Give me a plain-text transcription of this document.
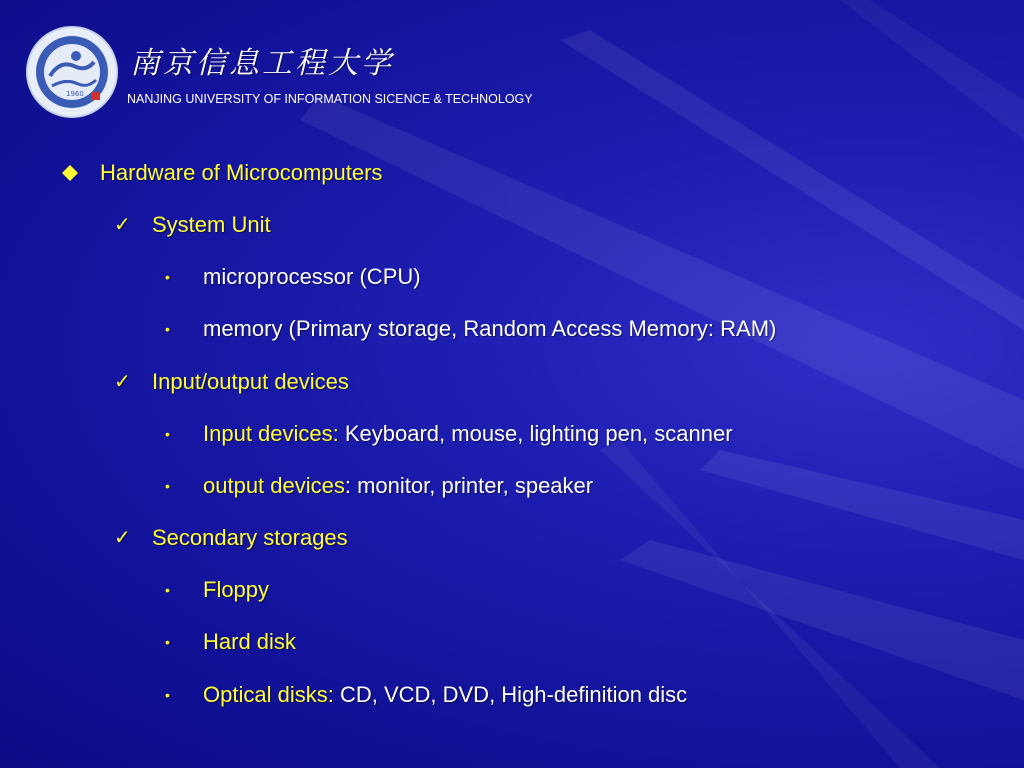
1960
南京信息工程大学
NANJING UNIVERSITY OF INFORMATION SICENCE & TECHNOLOGY
Hardware of Microcomputers
✓ System Unit
• microprocessor (CPU)
• memory (Primary storage, Random Access Memory: RAM)
✓ Input/output devices
• Input devices: Keyboard, mouse, lighting pen, scanner
• output devices: monitor, printer, speaker
✓ Secondary storages
• Floppy
• Hard disk
• Optical disks: CD, VCD, DVD, High-definition disc
